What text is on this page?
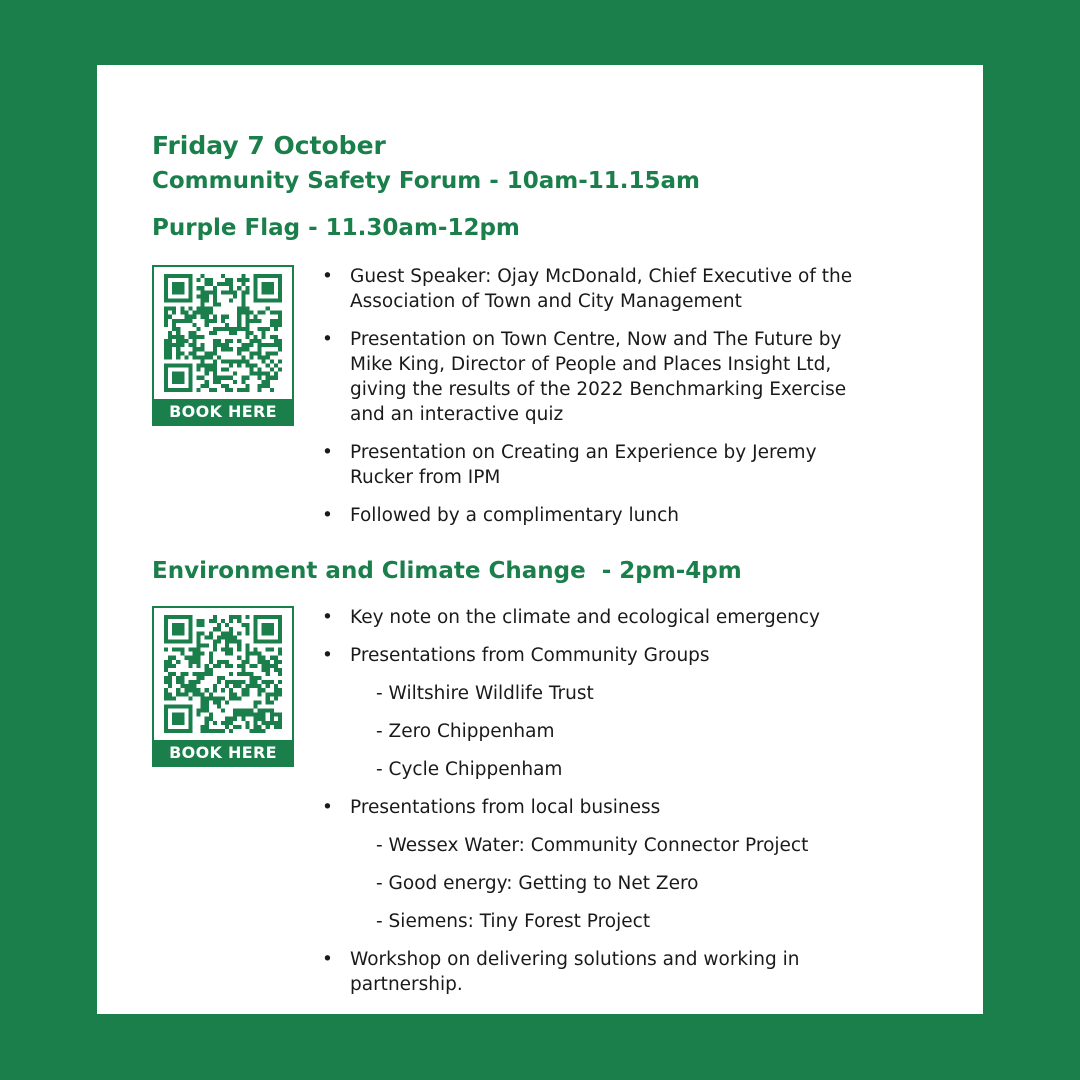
Friday 7 October
Community Safety Forum - 10am-11.15am
Purple Flag - 11.30am-12pm
BOOK HERE
• Guest Speaker: Ojay McDonald, Chief Executive of the Association of Town and City Management
• Presentation on Town Centre, Now and The Future by Mike King, Director of People and Places Insight Ltd, giving the results of the 2022 Benchmarking Exercise and an interactive quiz
• Presentation on Creating an Experience by Jeremy Rucker from IPM
• Followed by a complimentary lunch
Environment and Climate Change  - 2pm-4pm
BOOK HERE
• Key note on the climate and ecological emergency
• Presentations from Community Groups
- Wiltshire Wildlife Trust
- Zero Chippenham
- Cycle Chippenham
• Presentations from local business
- Wessex Water: Community Connector Project
- Good energy: Getting to Net Zero
- Siemens: Tiny Forest Project
• Workshop on delivering solutions and working in partnership.
